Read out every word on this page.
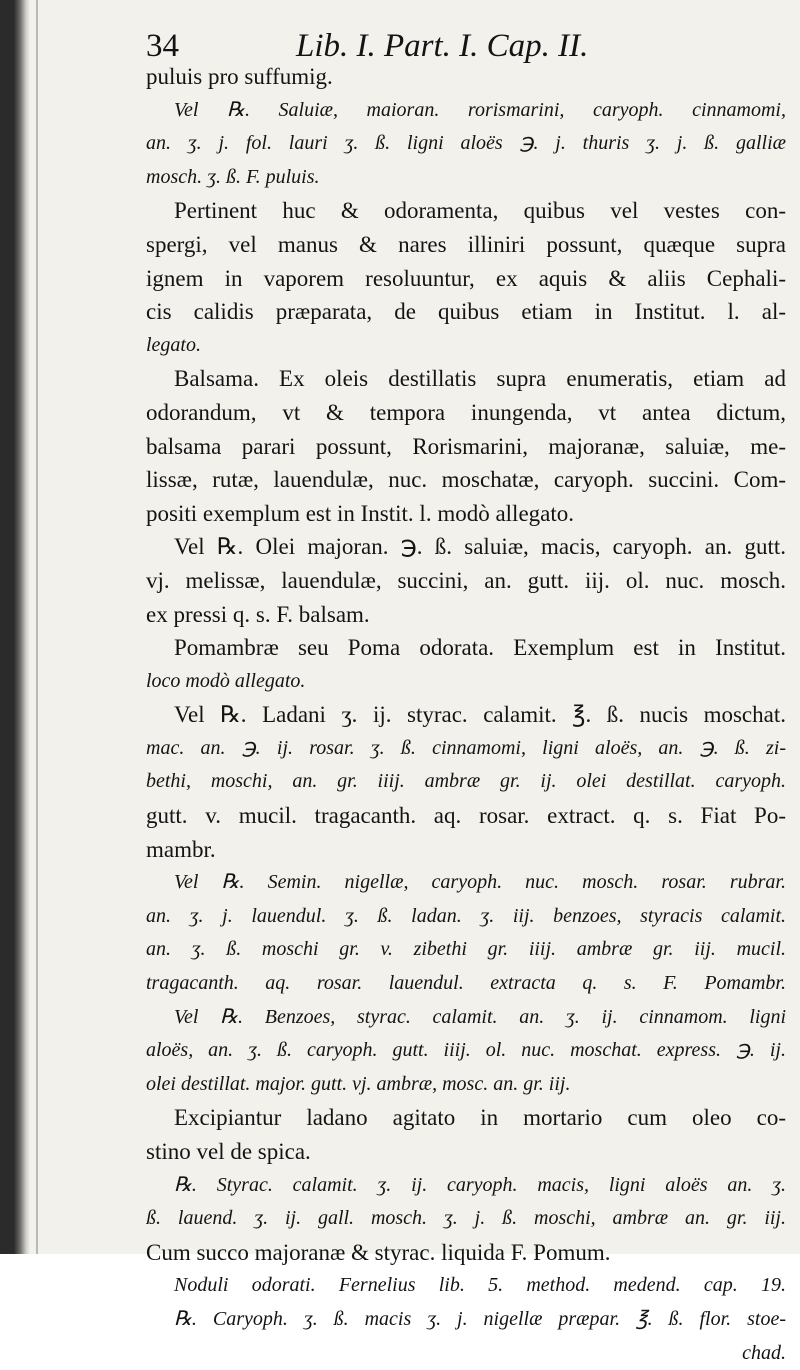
34	Lib. I. Part. I. Cap. II.
puluis pro suffumig.
Vel ℞. Saluiæ, maioran. rorismarini, caryoph. cinnamomi,
an. ʒ. j. fol. lauri ʒ. ß. ligni aloës ℈. j. thuris ʒ. j. ß. galliæ
mosch. ʒ. ß. F. puluis.
Pertinent huc & odoramenta, quibus vel vestes con-
spergi, vel manus & nares illiniri possunt, quæque supra
ignem in vaporem resoluuntur, ex aquis & aliis Cephali-
cis calidis præparata, de quibus etiam in Institut. l. al-
legato.
Balsama. Ex oleis destillatis supra enumeratis, etiam ad
odorandum, vt & tempora inungenda, vt antea dictum,
balsama parari possunt, Rorismarini, majoranæ, saluiæ, me-
lissæ, rutæ, lauendulæ, nuc. moschatæ, caryoph. succini. Com-
positi exemplum est in Instit. l. modò allegato.
Vel ℞. Olei majoran. ℈. ß. saluiæ, macis, caryoph. an. gutt.
vj. melissæ, lauendulæ, succini, an. gutt. iij. ol. nuc. mosch.
ex pressi q. s. F. balsam.
Pomambræ seu Poma odorata. Exemplum est in Institut.
loco modò allegato.
Vel ℞. Ladani ʒ. ij. styrac. calamit. ℥. ß. nucis moschat.
mac. an. ℈. ij. rosar. ʒ. ß. cinnamomi, ligni aloës, an. ℈. ß. zi-
bethi, moschi, an. gr. iiij. ambræ gr. ij. olei destillat. caryoph.
gutt. v. mucil. tragacanth. aq. rosar. extract. q. s. Fiat Po-
mambr.
Vel ℞. Semin. nigellæ, caryoph. nuc. mosch. rosar. rubrar.
an. ʒ. j. lauendul. ʒ. ß. ladan. ʒ. iij. benzoes, styracis calamit.
an. ʒ. ß. moschi gr. v. zibethi gr. iiij. ambræ gr. iij. mucil.
tragacanth. aq. rosar. lauendul. extracta q. s. F. Pomambr.
Vel ℞. Benzoes, styrac. calamit. an. ʒ. ij. cinnamom. ligni
aloës, an. ʒ. ß. caryoph. gutt. iiij. ol. nuc. moschat. express. ℈. ij.
olei destillat. major. gutt. vj. ambræ, mosc. an. gr. iij.
Excipiantur ladano agitato in mortario cum oleo co-
stino vel de spica.
℞. Styrac. calamit. ʒ. ij. caryoph. macis, ligni aloës an. ʒ.
ß. lauend. ʒ. ij. gall. mosch. ʒ. j. ß. moschi, ambræ an. gr. iij.
Cum succo majoranæ & styrac. liquida F. Pomum.
Noduli odorati. Fernelius lib. 5. method. medend. cap. 19.
℞. Caryoph. ʒ. ß. macis ʒ. j. nigellæ præpar. ℥. ß. flor. stoe-
chad.
